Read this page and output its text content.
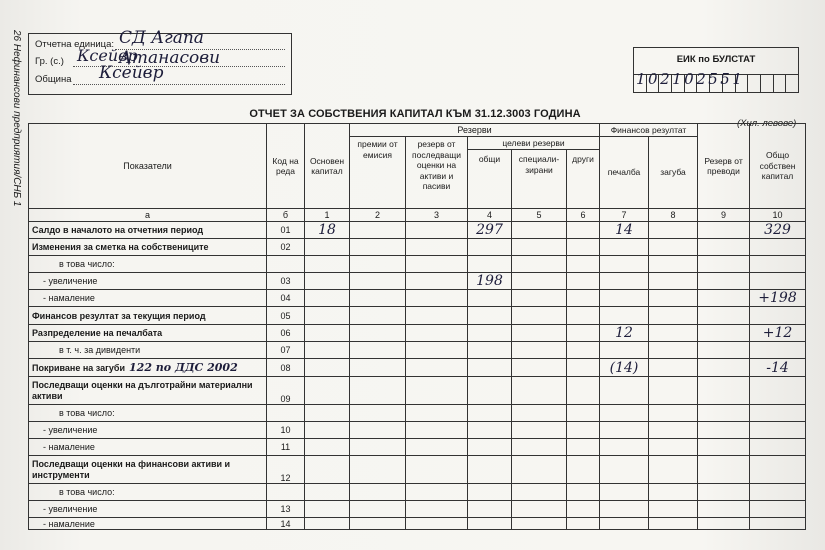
26 Нефинансови предприятия/СНБ 1 Отчетна единица: СД Агапа Атанасови
Гр. (с.) Ксейвр
Община Ксейвр
ЕИК по БУЛСТАТ
102102551
ОТЧЕТ ЗА СОБСТВЕНИЯ КАПИТАЛ КЪМ 31.12.3003 ГОДИНА
(Хил. левове)
Показатели	Код на реда	Основен капитал	Резерви					Финансов резултат		Резерв от преводи	Общо собствен капитал
			премии от емисия	резерв от последващи оценки на активи и пасиви	целеви резерви			печалба	загуба		
					общи	специали-зирани	други				

а	б	1	2	3	4	5	6	7	8	9	10
Салдо в началото на отчетния период	01	18			297			14			329
Изменения за сметка на собствениците	02										
в това число:											
- увеличение	03				198						
- намаление	04										+198
Финансов резултат за текущия период	05										
Разпределение на печалбата	06							12			+12
в т. ч. за дивиденти	07										
Покриване на загуби 122 по ДДС 2002	08							(14)			-14
Последващи оценки на дълготрайни материални активи	09										
в това число:											
- увеличение	10										
- намаление	11										
Последващи оценки на финансови активи и инструменти	12										
в това число:											
- увеличение	13										
- намаление	14										
